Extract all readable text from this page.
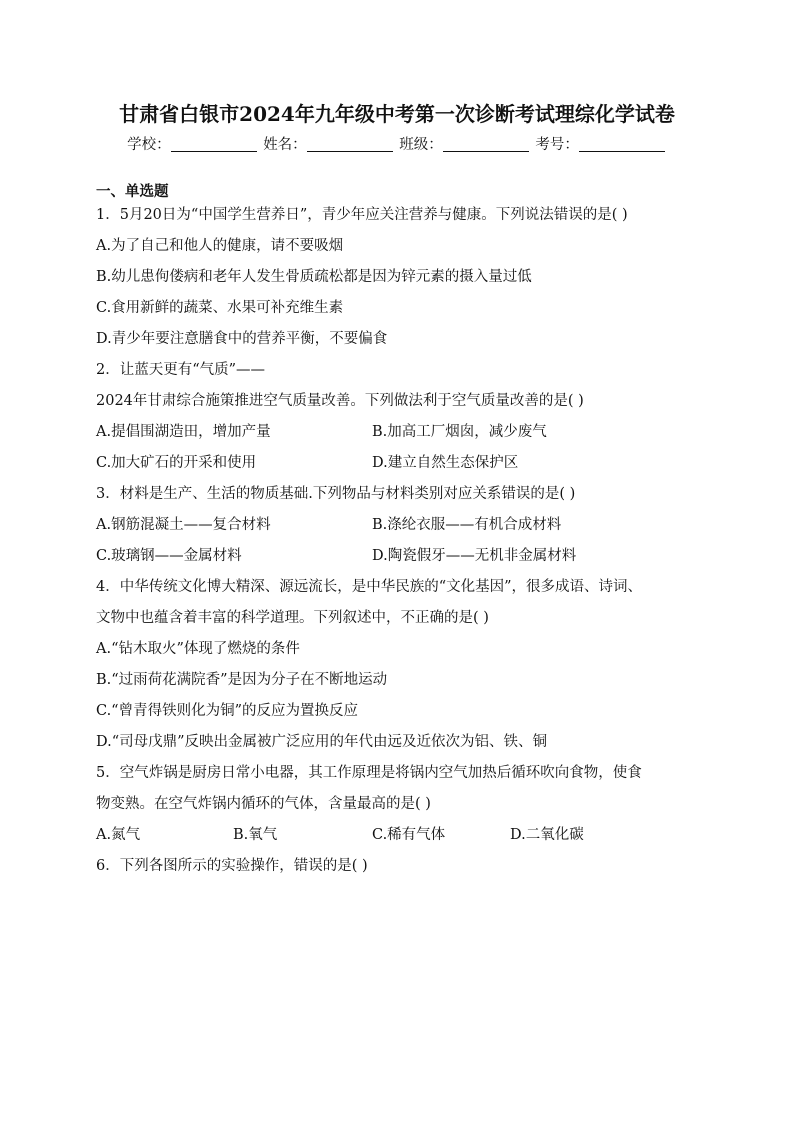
甘肃省白银市2024年九年级中考第一次诊断考试理综化学试卷
学校：	姓名：	班级：	考号：
一、单选题
1．5月20日为“中国学生营养日”，青少年应关注营养与健康。下列说法错误的是( )
A.为了自己和他人的健康，请不要吸烟
B.幼儿患佝偻病和老年人发生骨质疏松都是因为锌元素的摄入量过低
C.食用新鲜的蔬菜、水果可补充维生素
D.青少年要注意膳食中的营养平衡，不要偏食
2．让蓝天更有“气质”——
2024年甘肃综合施策推进空气质量改善。下列做法利于空气质量改善的是( )
A.提倡围湖造田，增加产量	B.加高工厂烟囱，减少废气
C.加大矿石的开采和使用	D.建立自然生态保护区
3．材料是生产、生活的物质基础.下列物品与材料类别对应关系错误的是( )
A.钢筋混凝土——复合材料	B.涤纶衣服——有机合成材料
C.玻璃钢——金属材料	D.陶瓷假牙——无机非金属材料
4．中华传统文化博大精深、源远流长，是中华民族的“文化基因”，很多成语、诗词、
文物中也蕴含着丰富的科学道理。下列叙述中，不正确的是( )
A.“钻木取火”体现了燃烧的条件
B.“过雨荷花满院香”是因为分子在不断地运动
C.“曾青得铁则化为铜”的反应为置换反应
D.“司母戊鼎”反映出金属被广泛应用的年代由远及近依次为铝、铁、铜
5．空气炸锅是厨房日常小电器，其工作原理是将锅内空气加热后循环吹向食物，使食
物变熟。在空气炸锅内循环的气体，含量最高的是( )
A.氮气	B.氧气	C.稀有气体	D.二氧化碳
6．下列各图所示的实验操作，错误的是( )
